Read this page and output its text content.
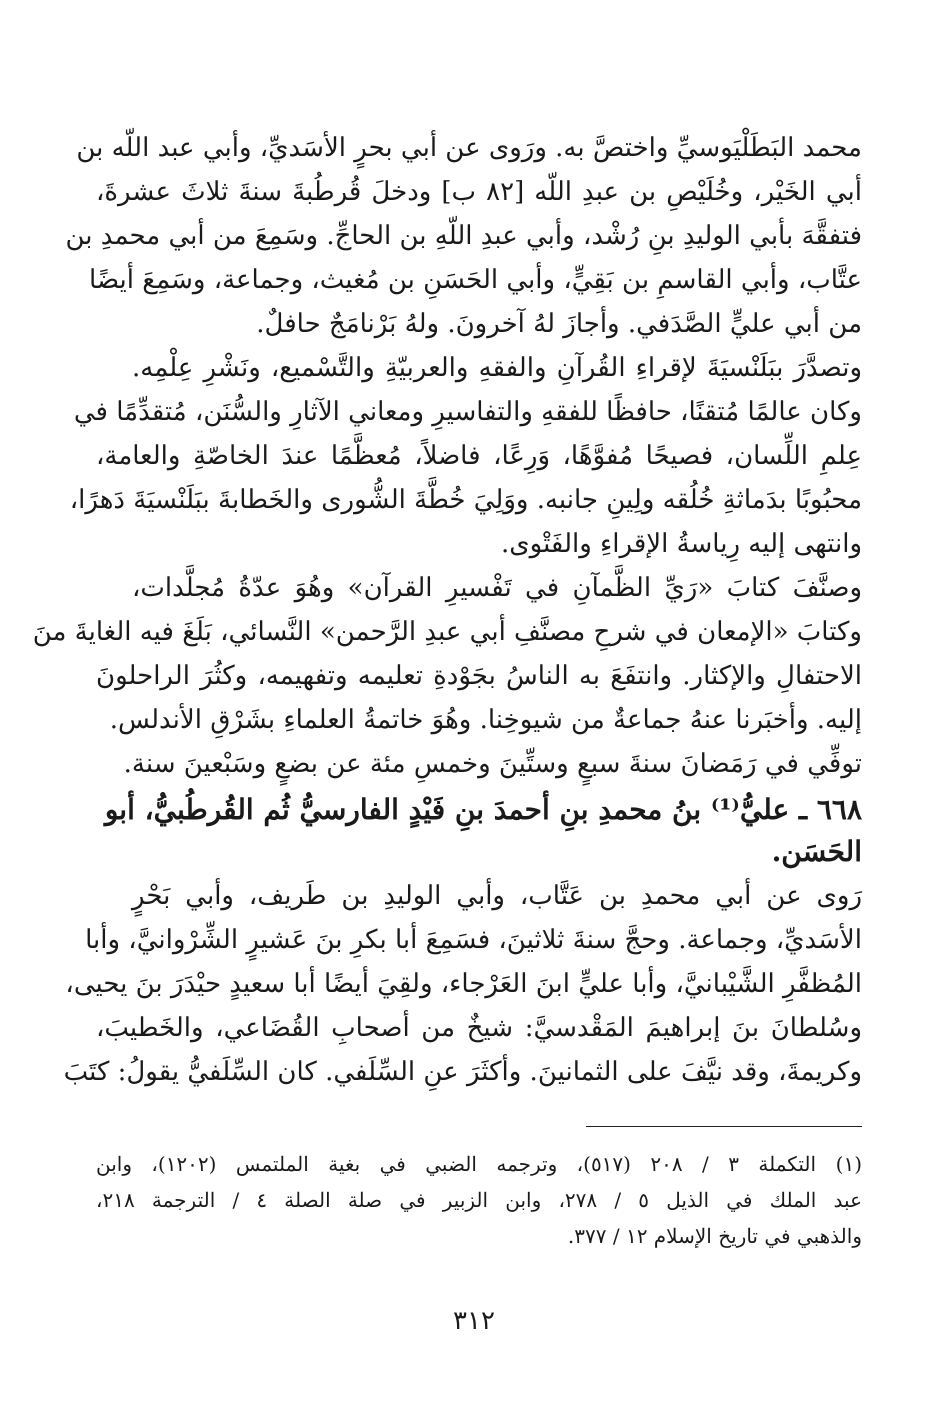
محمد البَطَلْيَوسيِّ واختصَّ به. ورَوى عن أبي بحرٍ الأسَديِّ، وأبي عبد اللّه بن
أبي الخَيْر، وخُلَيْصِ بن عبدِ اللّه [٨٢ ب] ودخلَ قُرطُبةَ سنةَ ثلاثَ عشرةَ،
فتفقَّهَ بأبي الوليدِ بنِ رُشْد، وأبي عبدِ اللّهِ بن الحاجِّ. وسَمِعَ من أبي محمدِ بن
عتَّاب، وأبي القاسمِ بن بَقِيٍّ، وأبي الحَسَنِ بن مُغيث، وجماعة، وسَمِعَ أيضًا
من أبي عليٍّ الصَّدَفي. وأجازَ لهُ آخرونَ. ولهُ بَرْنامَجٌ حافلٌ.
وتصدَّرَ ببَلَنْسيَةَ لإقراءِ القُرآنِ والفقهِ والعربيّةِ والتَّسْميع، ونَشْرِ عِلْمِه.
وكان عالمًا مُتقنًا، حافظًا للفقهِ والتفاسيرِ ومعاني الآثارِ والسُّنَن، مُتقدِّمًا في
عِلمِ اللِّسان، فصيحًا مُفوَّهًا، وَرِعًا، فاضلاً، مُعظَّمًا عندَ الخاصّةِ والعامة،
محبُوبًا بدَماثةِ خُلُقه ولِينِ جانبه. ووَلِيَ خُطَّةَ الشُّورى والخَطابةَ ببَلَنْسيَةَ دَهرًا،
وانتهى إليه رِياسةُ الإقراءِ والفَتْوى.
وصنَّفَ كتابَ «رَيِّ الظَّمآنِ في تَفْسيرِ القرآن» وهُوَ عدّةُ مُجلَّدات،
وكتابَ «الإمعان في شرحِ مصنَّفِ أبي عبدِ الرَّحمن» النَّسائي، بَلَغَ فيه الغايةَ منَ
الاحتفالِ والإكثار. وانتفَعَ به الناسُ بجَوْدةِ تعليمه وتفهيمه، وكثُرَ الراحلونَ
إليه. وأخبَرنا عنهُ جماعةٌ من شيوخِنا. وهُوَ خاتمةُ العلماءِ بشَرْقِ الأندلس.
توفِّي في رَمَضانَ سنةَ سبعٍ وستِّينَ وخمسِ مئة عن بضعٍ وسَبْعينَ سنة.
٦٦٨ ـ عليُّ⁽¹⁾ بنُ محمدِ بنِ أحمدَ بنِ فَيْدٍ الفارسيُّ ثُم القُرطُبيُّ، أبو
الحَسَن.
رَوى عن أبي محمدِ بن عَتَّاب، وأبي الوليدِ بن طَريف، وأبي بَحْرٍ
الأسَديِّ، وجماعة. وحجَّ سنةَ ثلاثينَ، فسَمِعَ أبا بكرِ بنَ عَشيرٍ الشِّرْوانيَّ، وأبا
المُظفَّرِ الشَّيْبانيَّ، وأبا عليٍّ ابنَ العَرْجاء، ولقِيَ أيضًا أبا سعيدٍ حيْدَرَ بنَ يحيى،
وسُلطانَ بنَ إبراهيمَ المَقْدسيَّ: شيخٌ من أصحابِ القُضَاعي، والخَطيبَ،
وكريمةَ، وقد نيَّفَ على الثمانينَ. وأكثَرَ عنِ السِّلَفي. كان السِّلَفيُّ يقولُ: كتَبَ
(١)
التكملة ٣ / ٢٠٨ (٥١٧)، وترجمه الضبي في بغية الملتمس (١٢٠٢)، وابن
عبد الملك في الذيل ٥ / ٢٧٨، وابن الزبير في صلة الصلة ٤ / الترجمة ٢١٨،
والذهبي في تاريخ الإسلام ١٢ / ٣٧٧.
٣١٢
